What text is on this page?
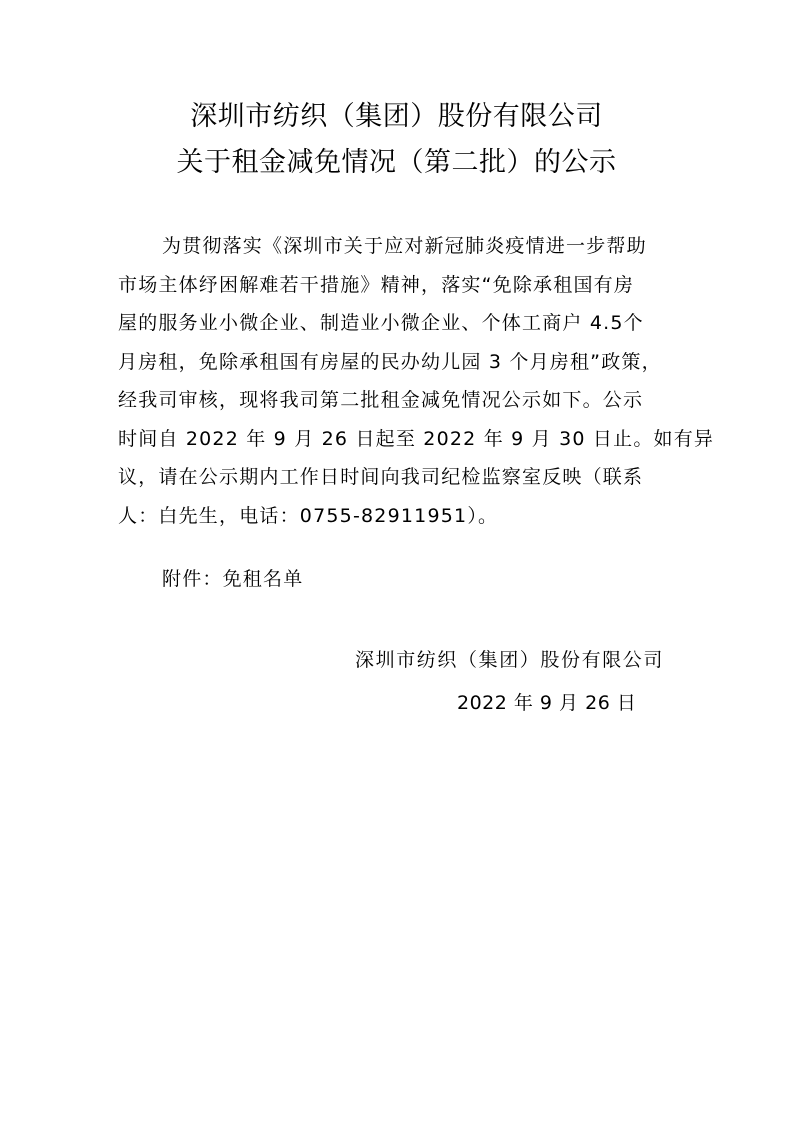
深圳市纺织（集团）股份有限公司
关于租金减免情况（第二批）的公示

为贯彻落实《深圳市关于应对新冠肺炎疫情进一步帮助
市场主体纾困解难若干措施》精神，落实“免除承租国有房
屋的服务业小微企业、制造业小微企业、个体工商户 4.5个
月房租，免除承租国有房屋的民办幼儿园 3 个月房租”政策，
经我司审核，现将我司第二批租金减免情况公示如下。公示
时间自 2022 年 9 月 26 日起至 2022 年 9 月 30 日止。如有异
议，请在公示期内工作日时间向我司纪检监察室反映（联系
人：白先生，电话：0755-82911951）。

附件：免租名单

深圳市纺织（集团）股份有限公司

2022 年 9 月 26 日
